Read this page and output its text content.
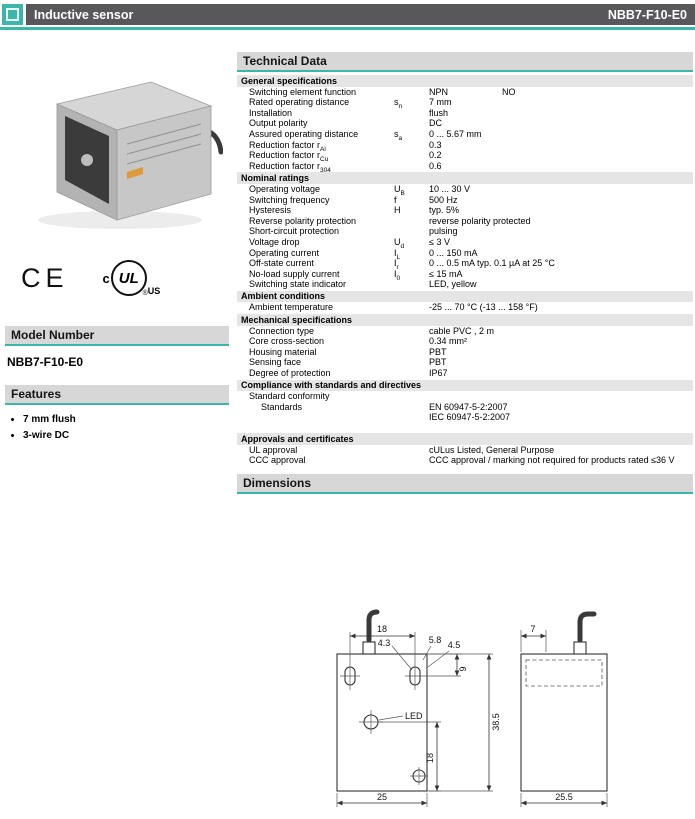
Inductive sensor	NBB7-F10-E0
CE	c UL
® US
Model Number
NBB7-F10-E0
Features
• 7 mm flush
• 3-wire DC
Technical Data
General specifications
Switching element function	NPN	NO
Rated operating distance	$s_n$	7 mm
Installation	flush
Output polarity	DC
Assured operating distance	$s_a$	0 ... 5.67 mm
Reduction factor $r_{Al}$	0.3
Reduction factor $r_{Cu}$	0.2
Reduction factor $r_{304}$	0.6
Nominal ratings
Operating voltage	$U_B$	10 ... 30 V
Switching frequency	f	500 Hz
Hysteresis	H	typ. 5%
Reverse polarity protection	reverse polarity protected
Short-circuit protection	pulsing
Voltage drop	$U_d$	≤ 3 V
Operating current	$I_L$	0 ... 150 mA
Off-state current	$I_r$	0 ... 0.5 mA typ. 0.1 µA at 25 °C
No-load supply current	$I_0$	≤ 15 mA
Switching state indicator	LED, yellow
Ambient conditions
Ambient temperature	-25 ... 70 °C (-13 ... 158 °F)
Mechanical specifications
Connection type	cable PVC , 2 m
Core cross-section	0.34 mm²
Housing material	PBT
Sensing face	PBT
Degree of protection	IP67
Compliance with standards and directives
Standard conformity
Standards	EN 60947-5-2:2007
IEC 60947-5-2:2007
Approvals and certificates
UL approval	cULus Listed, General Purpose
CCC approval	CCC approval / marking not required for products rated ≤36 V
Dimensions
18
4.3	5.8 4.5
9
38.5
LED
18
25
7
25.5
